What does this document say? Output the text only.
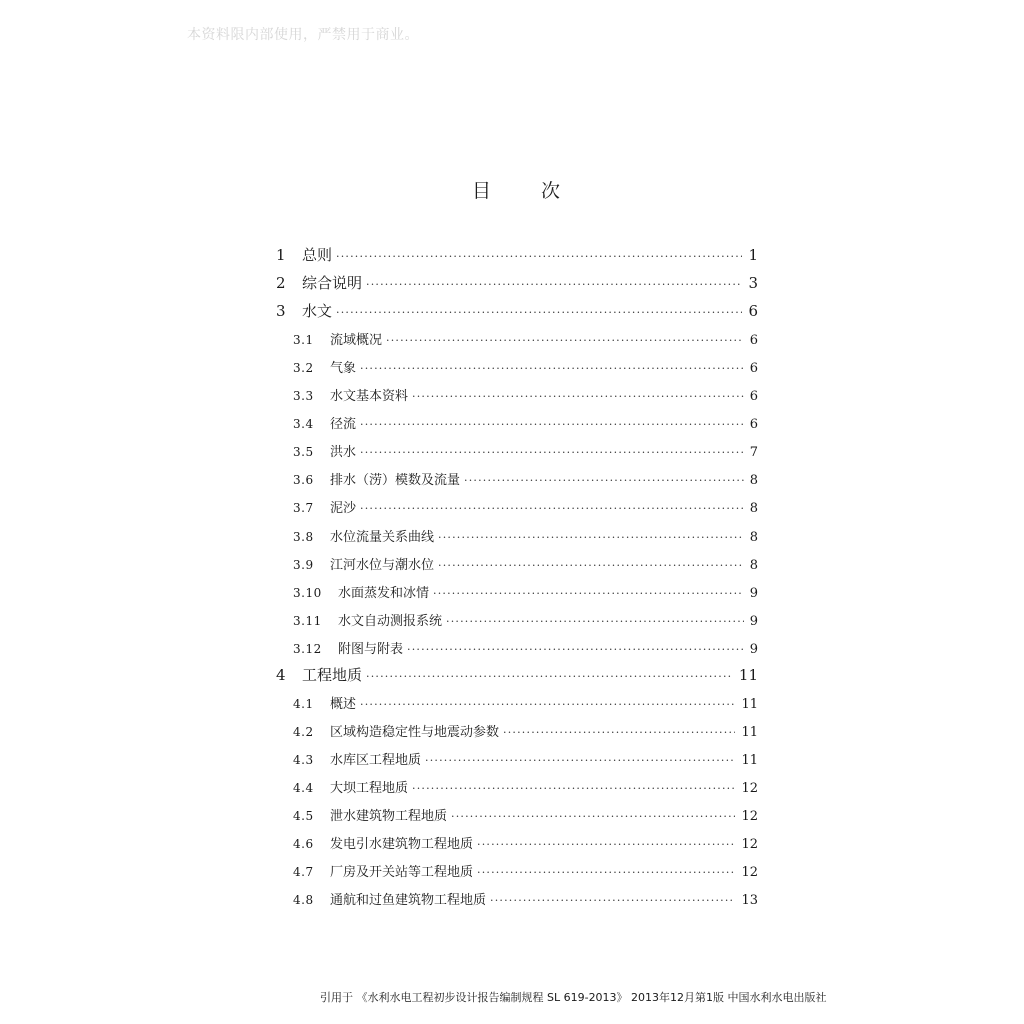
本资料限内部使用，严禁用于商业。
目	次
1	总则 ·····	1
2	综合说明 ·····	3
3	水文 ·····	6
3.1	流域概况 ·····	6
3.2	气象 ·····	6
3.3	水文基本资料 ·····	6
3.4	径流 ·····	6
3.5	洪水 ·····	7
3.6	排水（涝）模数及流量 ·····	8
3.7	泥沙 ·····	8
3.8	水位流量关系曲线 ·····	8
3.9	江河水位与潮水位 ·····	8
3.10	水面蒸发和冰情 ·····	9
3.11	水文自动测报系统 ·····	9
3.12	附图与附表 ·····	9
4	工程地质 ·····	11
4.1	概述 ·····	11
4.2	区域构造稳定性与地震动参数 ·····	11
4.3	水库区工程地质 ·····	11
4.4	大坝工程地质 ·····	12
4.5	泄水建筑物工程地质 ·····	12
4.6	发电引水建筑物工程地质 ·····	12
4.7	厂房及开关站等工程地质 ·····	12
4.8	通航和过鱼建筑物工程地质 ·····	13
引用于 《水利水电工程初步设计报告编制规程 SL 619-2013》 2013年12月第1版 中国水利水电出版社
